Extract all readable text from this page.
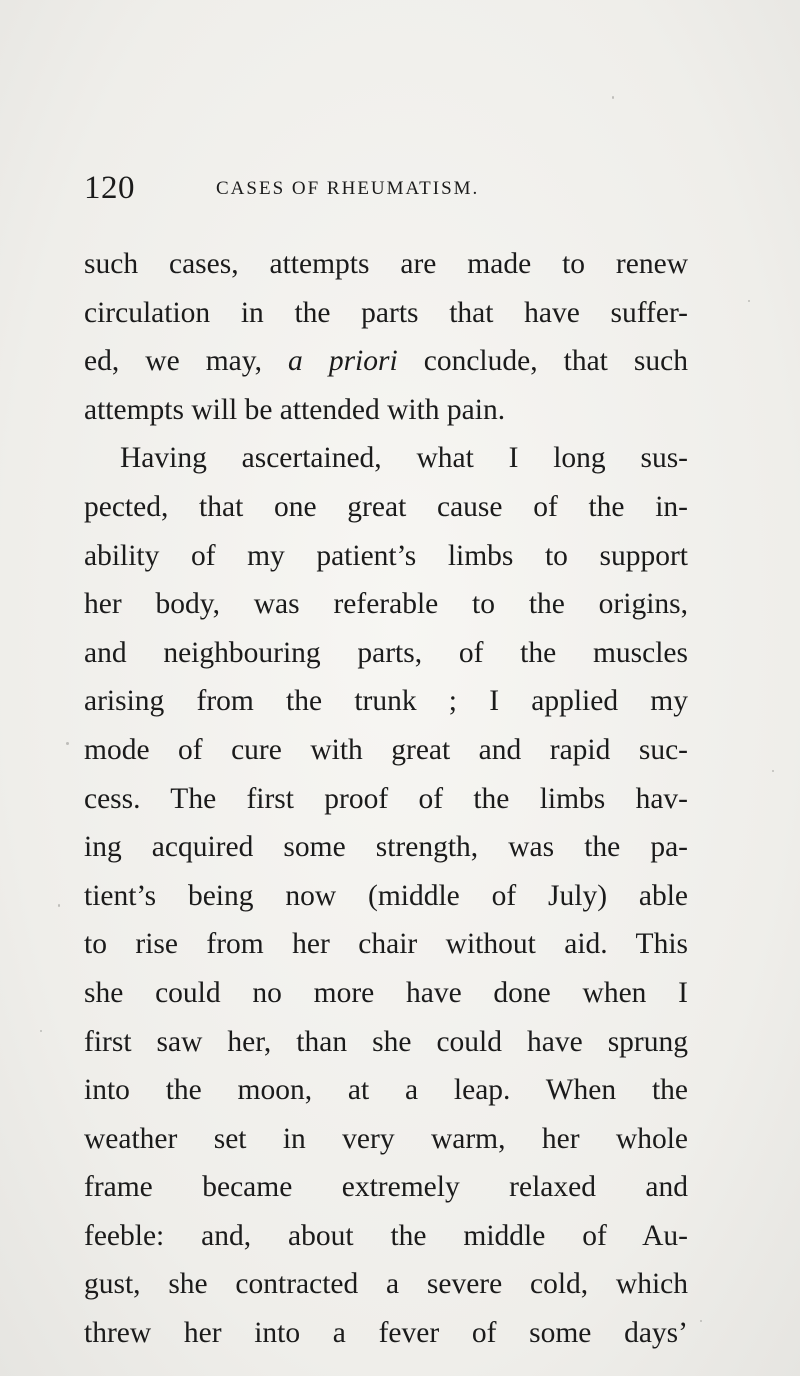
120	CASES OF RHEUMATISM.
such cases, attempts are made to renew
circulation in the parts that have suffer-
ed, we may, a priori conclude, that such
attempts will be attended with pain.
Having ascertained, what I long sus-
pected, that one great cause of the in-
ability of my patient’s limbs to support
her body, was referable to the origins,
and neighbouring parts, of the muscles
arising from the trunk ; I applied my
mode of cure with great and rapid suc-
cess. The first proof of the limbs hav-
ing acquired some strength, was the pa-
tient’s being now (middle of July) able
to rise from her chair without aid. This
she could no more have done when I
first saw her, than she could have sprung
into the moon, at a leap. When the
weather set in very warm, her whole
frame became extremely relaxed and
feeble: and, about the middle of Au-
gust, she contracted a severe cold, which
threw her into a fever of some days’
